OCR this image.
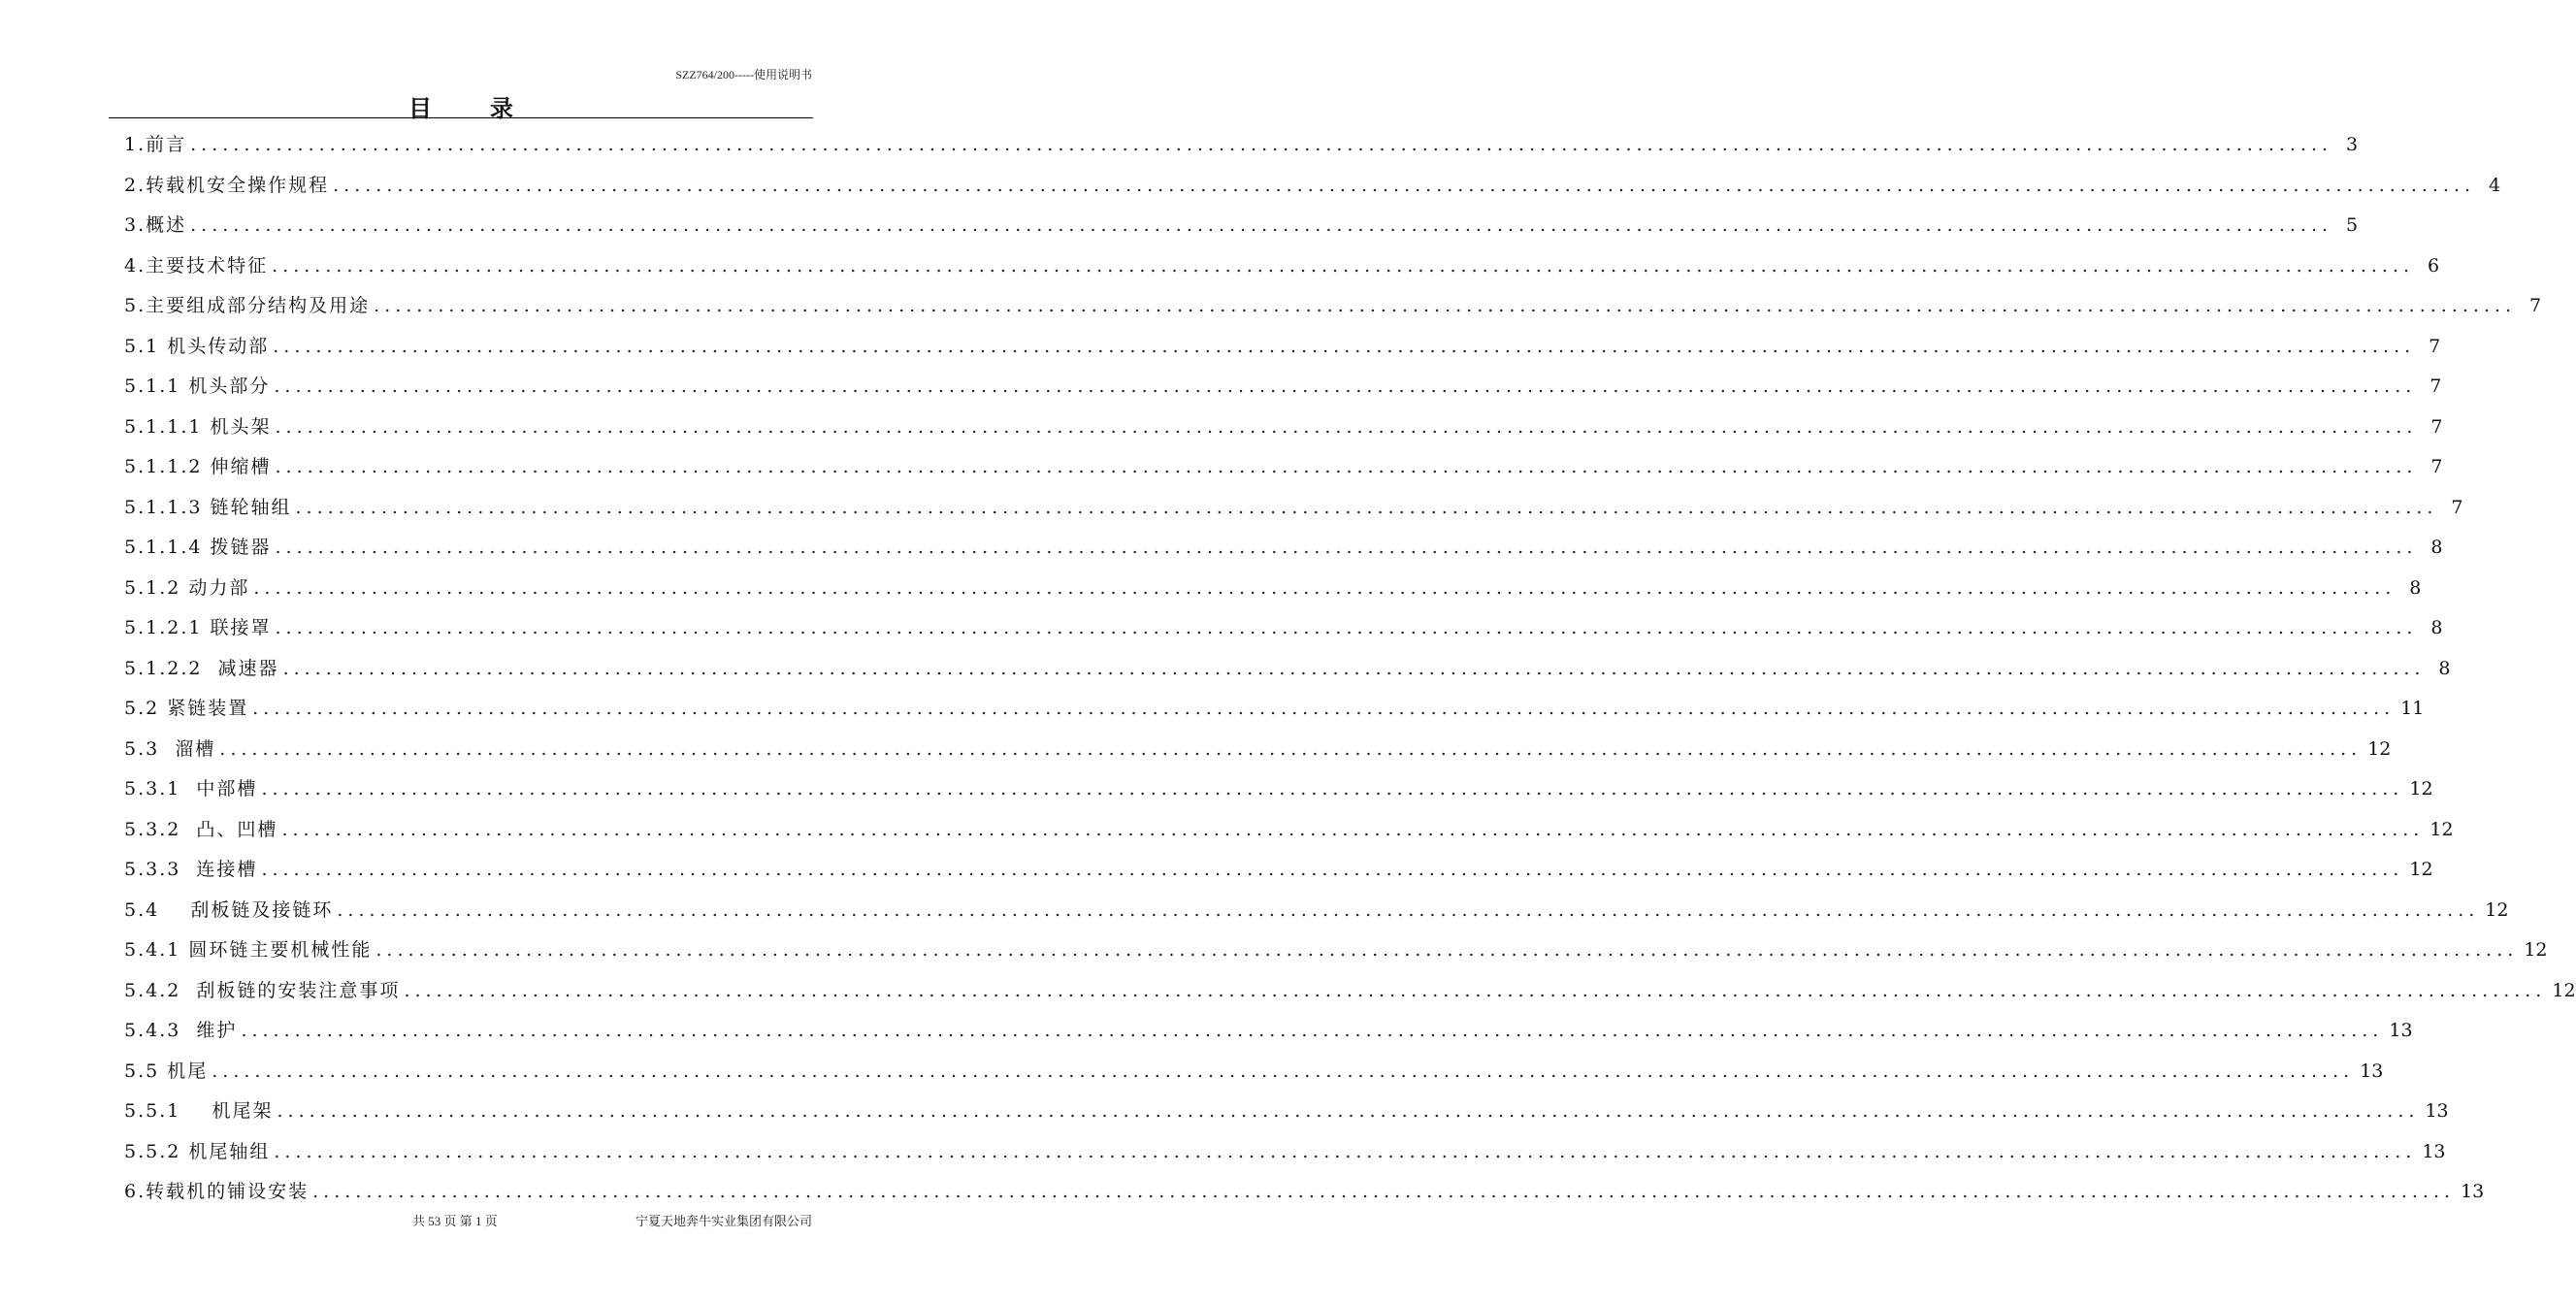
SZZ764/200-----使用说明书
目录
1.前言 ........................................................................................................................................................................................................ 3
2.转载机安全操作规程 ........................................................................................................................................................................................................ 4
3.概述 ........................................................................................................................................................................................................ 5
4.主要技术特征 ........................................................................................................................................................................................................ 6
5.主要组成部分结构及用途 ........................................................................................................................................................................................................ 7
5.1 机头传动部 ........................................................................................................................................................................................................ 7
5.1.1 机头部分 ........................................................................................................................................................................................................ 7
5.1.1.1 机头架 ........................................................................................................................................................................................................ 7
5.1.1.2 伸缩槽 ........................................................................................................................................................................................................ 7
5.1.1.3 链轮轴组 ........................................................................................................................................................................................................ 7
5.1.1.4 拨链器 ........................................................................................................................................................................................................ 8
5.1.2 动力部 ........................................................................................................................................................................................................ 8
5.1.2.1 联接罩 ........................................................................................................................................................................................................ 8
5.1.2.2  减速器 ........................................................................................................................................................................................................ 8
5.2 紧链装置 ........................................................................................................................................................................................................ 11
5.3  溜槽 ........................................................................................................................................................................................................ 12
5.3.1  中部槽 ........................................................................................................................................................................................................ 12
5.3.2  凸、凹槽 ........................................................................................................................................................................................................ 12
5.3.3  连接槽 ........................................................................................................................................................................................................ 12
5.4    刮板链及接链环 ........................................................................................................................................................................................................ 12
5.4.1 圆环链主要机械性能 ........................................................................................................................................................................................................ 12
5.4.2  刮板链的安装注意事项 ........................................................................................................................................................................................................ 12
5.4.3  维护 ........................................................................................................................................................................................................ 13
5.5 机尾 ........................................................................................................................................................................................................ 13
5.5.1    机尾架 ........................................................................................................................................................................................................ 13
5.5.2 机尾轴组 ........................................................................................................................................................................................................ 13
6.转载机的铺设安装 ........................................................................................................................................................................................................ 13
共 53 页 第 1 页	宁夏天地奔牛实业集团有限公司
